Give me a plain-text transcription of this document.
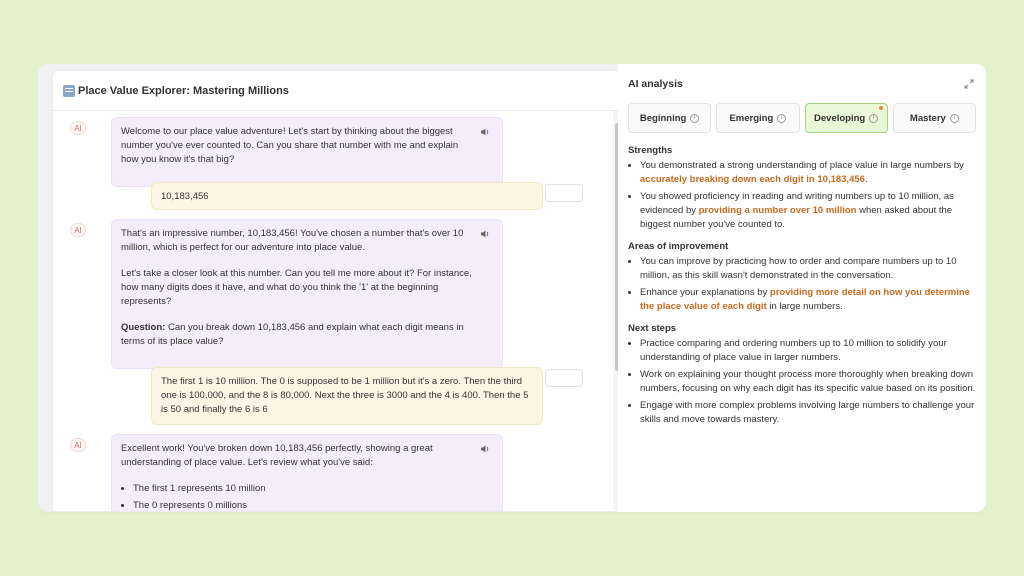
Place Value Explorer: Mastering Millions
AI	Welcome to our place value adventure! Let's start by thinking about the biggest number you've ever counted to. Can you share that number with me and explain how you know it's that big?

10,183,456
AI	That's an impressive number, 10,183,456! You've chosen a number that's over 10 million, which is perfect for our adventure into place value.

Let's take a closer look at this number. Can you tell me more about it? For instance, how many digits does it have, and what do you think the '1' at the beginning represents?

Question: Can you break down 10,183,456 and explain what each digit means in terms of its place value?

The first 1 is 10 million. The 0 is supposed to be 1 million but it's a zero. Then the third one is 100,000, and the 8 is 80,000. Next the three is 3000 and the 4 is 400. Then the 5 is 50 and finally the 6 is 6
AI	Excellent work! You've broken down 10,183,456 perfectly, showing a great understanding of place value. Let's review what you've said:

• The first 1 represents 10 million
• The 0 represents 0 millions
AI analysis
Beginning	i	Emerging	i	Developing	i	Mastery	i
Strengths
• You demonstrated a strong understanding of place value in large numbers by accurately breaking down each digit in 10,183,456.
• You showed proficiency in reading and writing numbers up to 10 million, as evidenced by providing a number over 10 million when asked about the biggest number you've counted to.
Areas of improvement
• You can improve by practicing how to order and compare numbers up to 10 million, as this skill wasn't demonstrated in the conversation.
• Enhance your explanations by providing more detail on how you determine the place value of each digit in large numbers.
Next steps
• Practice comparing and ordering numbers up to 10 million to solidify your understanding of place value in larger numbers.
• Work on explaining your thought process more thoroughly when breaking down numbers, focusing on why each digit has its specific value based on its position.
• Engage with more complex problems involving large numbers to challenge your skills and move towards mastery.
